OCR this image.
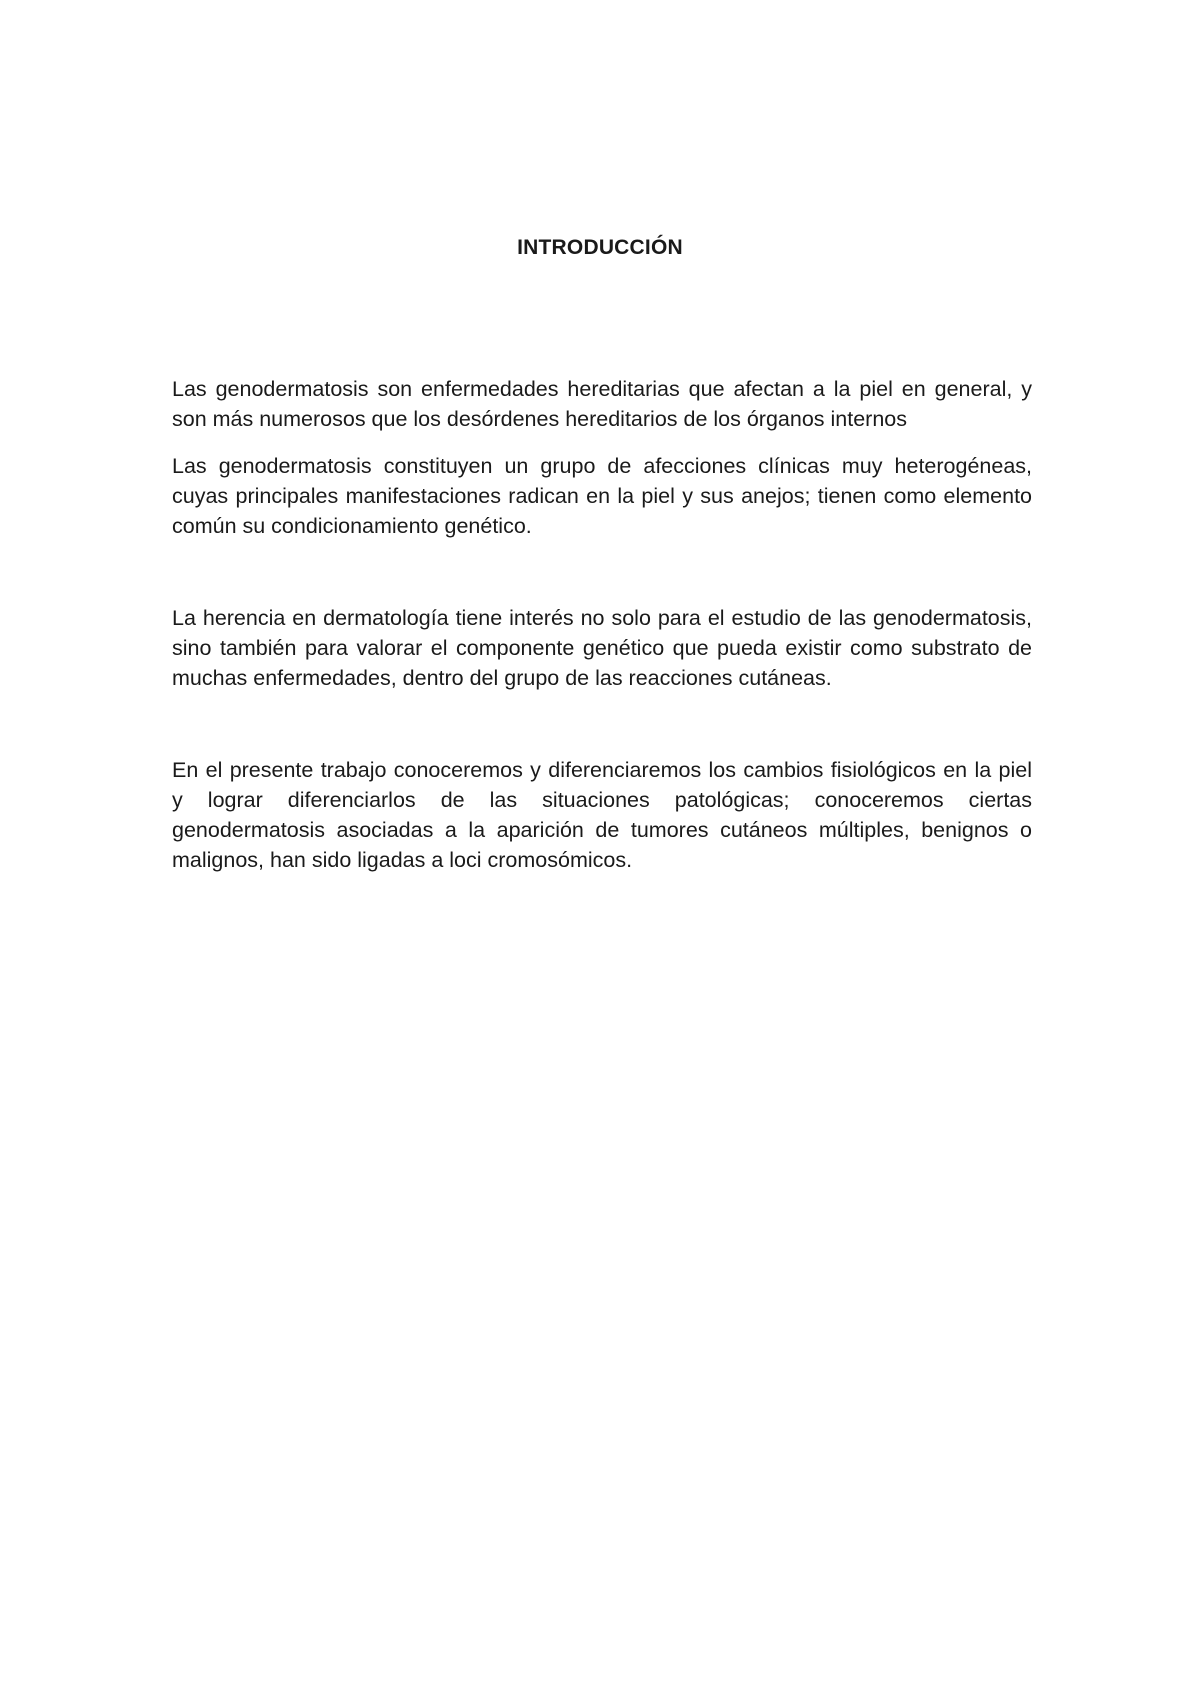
INTRODUCCIÓN

Las genodermatosis son enfermedades hereditarias que afectan a la piel en general, y son más numerosos que los desórdenes hereditarios de los órganos internos

Las genodermatosis constituyen un grupo de afecciones clínicas muy heterogéneas, cuyas principales manifestaciones radican en la piel y sus anejos; tienen como elemento común su condicionamiento genético.

La herencia en dermatología tiene interés no solo para el estudio de las genodermatosis, sino también para valorar el componente genético que pueda existir como substrato de muchas enfermedades, dentro del grupo de las reacciones cutáneas.

En el presente trabajo conoceremos y diferenciaremos los cambios fisiológicos en la piel y lograr diferenciarlos de las situaciones patológicas; conoceremos ciertas genodermatosis asociadas a la aparición de tumores cutáneos múltiples, benignos o malignos, han sido ligadas a loci cromosómicos.
